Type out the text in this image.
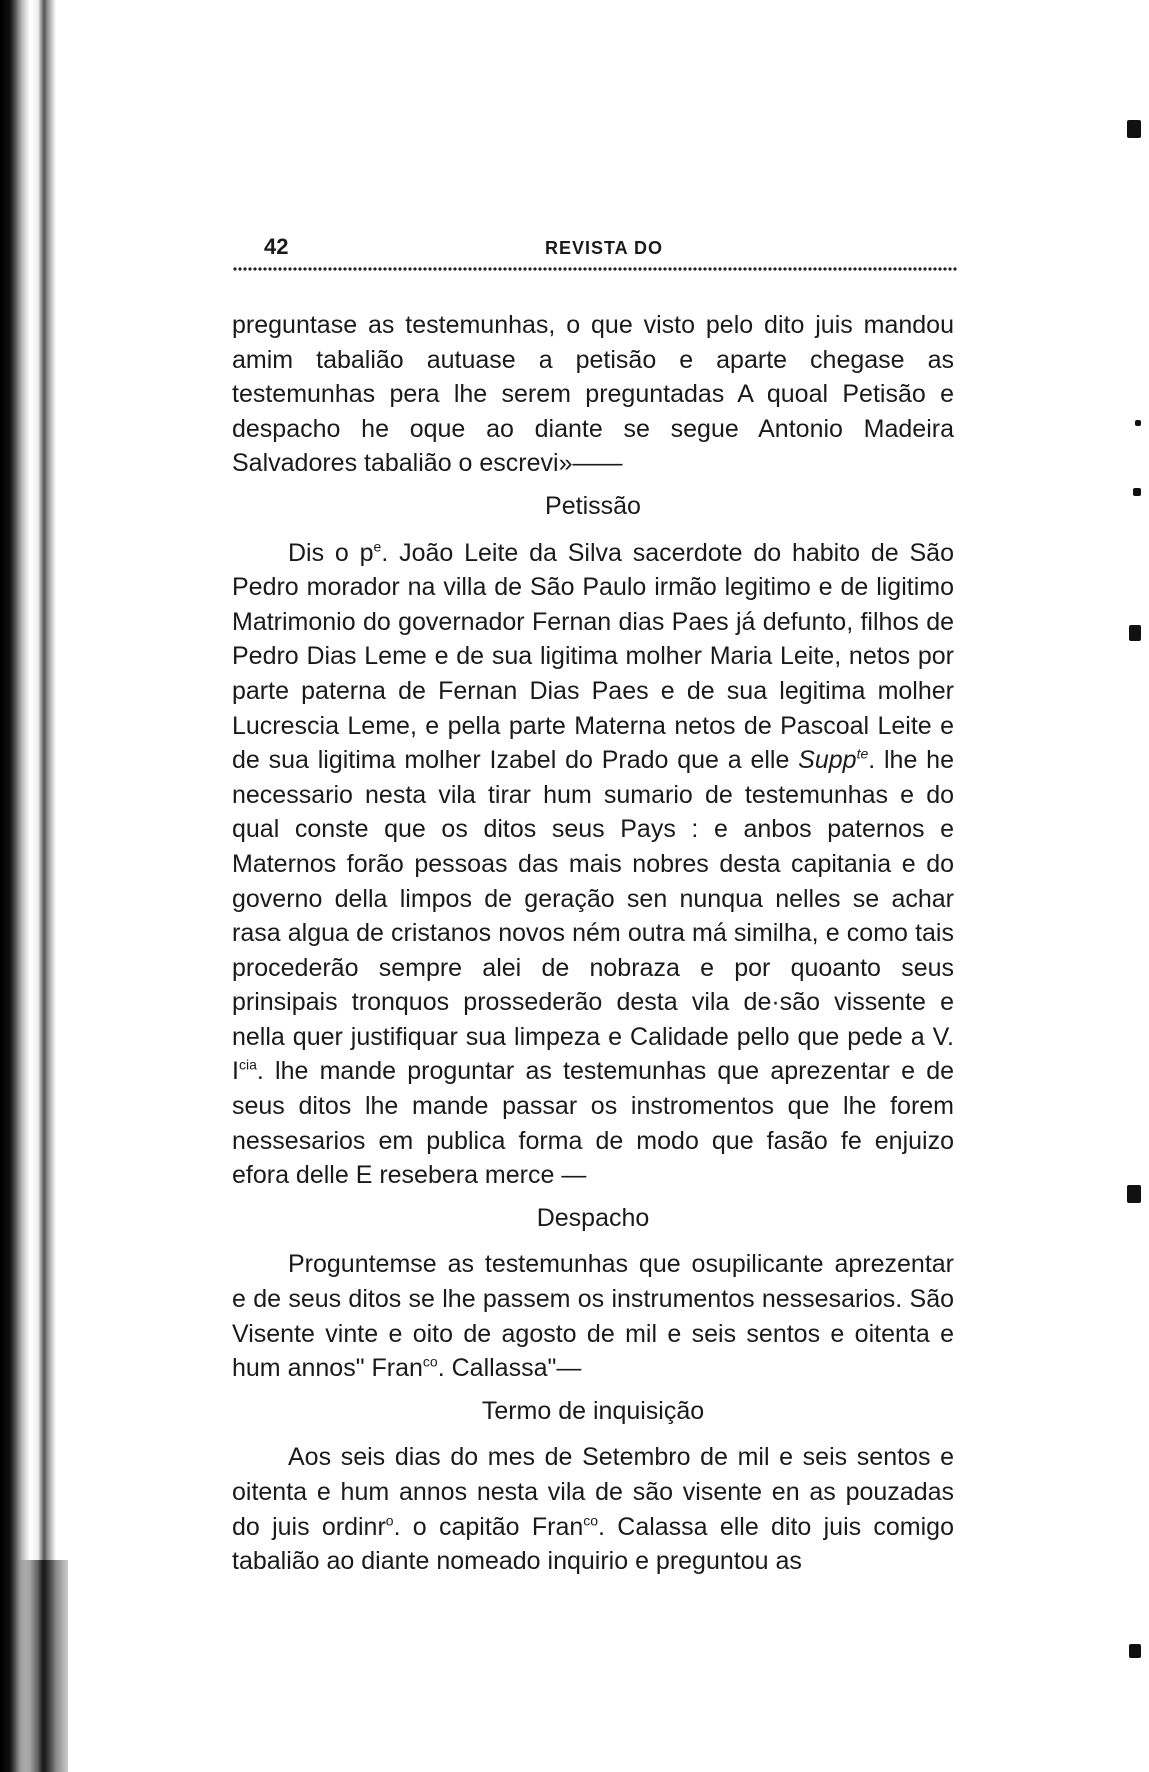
42	REVISTA DO

preguntase as testemunhas, o que visto pelo dito juis mandou amim tabalião autuase a petisão e aparte chegase as testemunhas pera lhe serem preguntadas A quoal Petisão e despacho he oque ao diante se segue Antonio Madeira Salvadores tabalião o escrevi»——

Petissão

Dis o $p^e$. João Leite da Silva sacerdote do habito de São Pedro morador na villa de São Paulo irmão legitimo e de ligitimo Matrimonio do governador Fernan dias Paes já defunto, filhos de Pedro Dias Leme e de sua ligitima molher Maria Leite, netos por parte paterna de Fernan Dias Paes e de sua legitima molher Lucrescia Leme, e pella parte Materna netos de Pascoal Leite e de sua ligitima molher Izabel do Prado que a elle Supp$^{te}$. lhe he necessario nesta vila tirar hum sumario de testemunhas e do qual conste que os ditos seus Pays : e anbos paternos e Maternos forão pessoas das mais nobres desta capitania e do governo della limpos de geração sen nunqua nelles se achar rasa algua de cristanos novos ném outra má similha, e como tais procederão sempre alei de nobraza e por quoanto seus prinsipais tronquos prossederão desta vila de·são vissente e nella quer justifiquar sua limpeza e Calidade pello que pede a V. $I^{cia}$. lhe mande proguntar as testemunhas que aprezentar e de seus ditos lhe mande passar os instromentos que lhe forem nessesarios em publica forma de modo que fasão fe enjuizo efora delle E resebera merce —

Despacho

Proguntemse as testemunhas que osupilicante aprezentar e de seus ditos se lhe passem os instrumentos nessesarios. São Visente vinte e oito de agosto de mil e seis sentos e oitenta e hum annos" Fran$^{co}$. Callassa"—

Termo de inquisição

Aos seis dias do mes de Setembro de mil e seis sentos e oitenta e hum annos nesta vila de são visente en as pouzadas do juis ordinr$^o$. o capitão Fran$^{co}$. Calassa elle dito juis comigo tabalião ao diante nomeado inquirio e preguntou as
